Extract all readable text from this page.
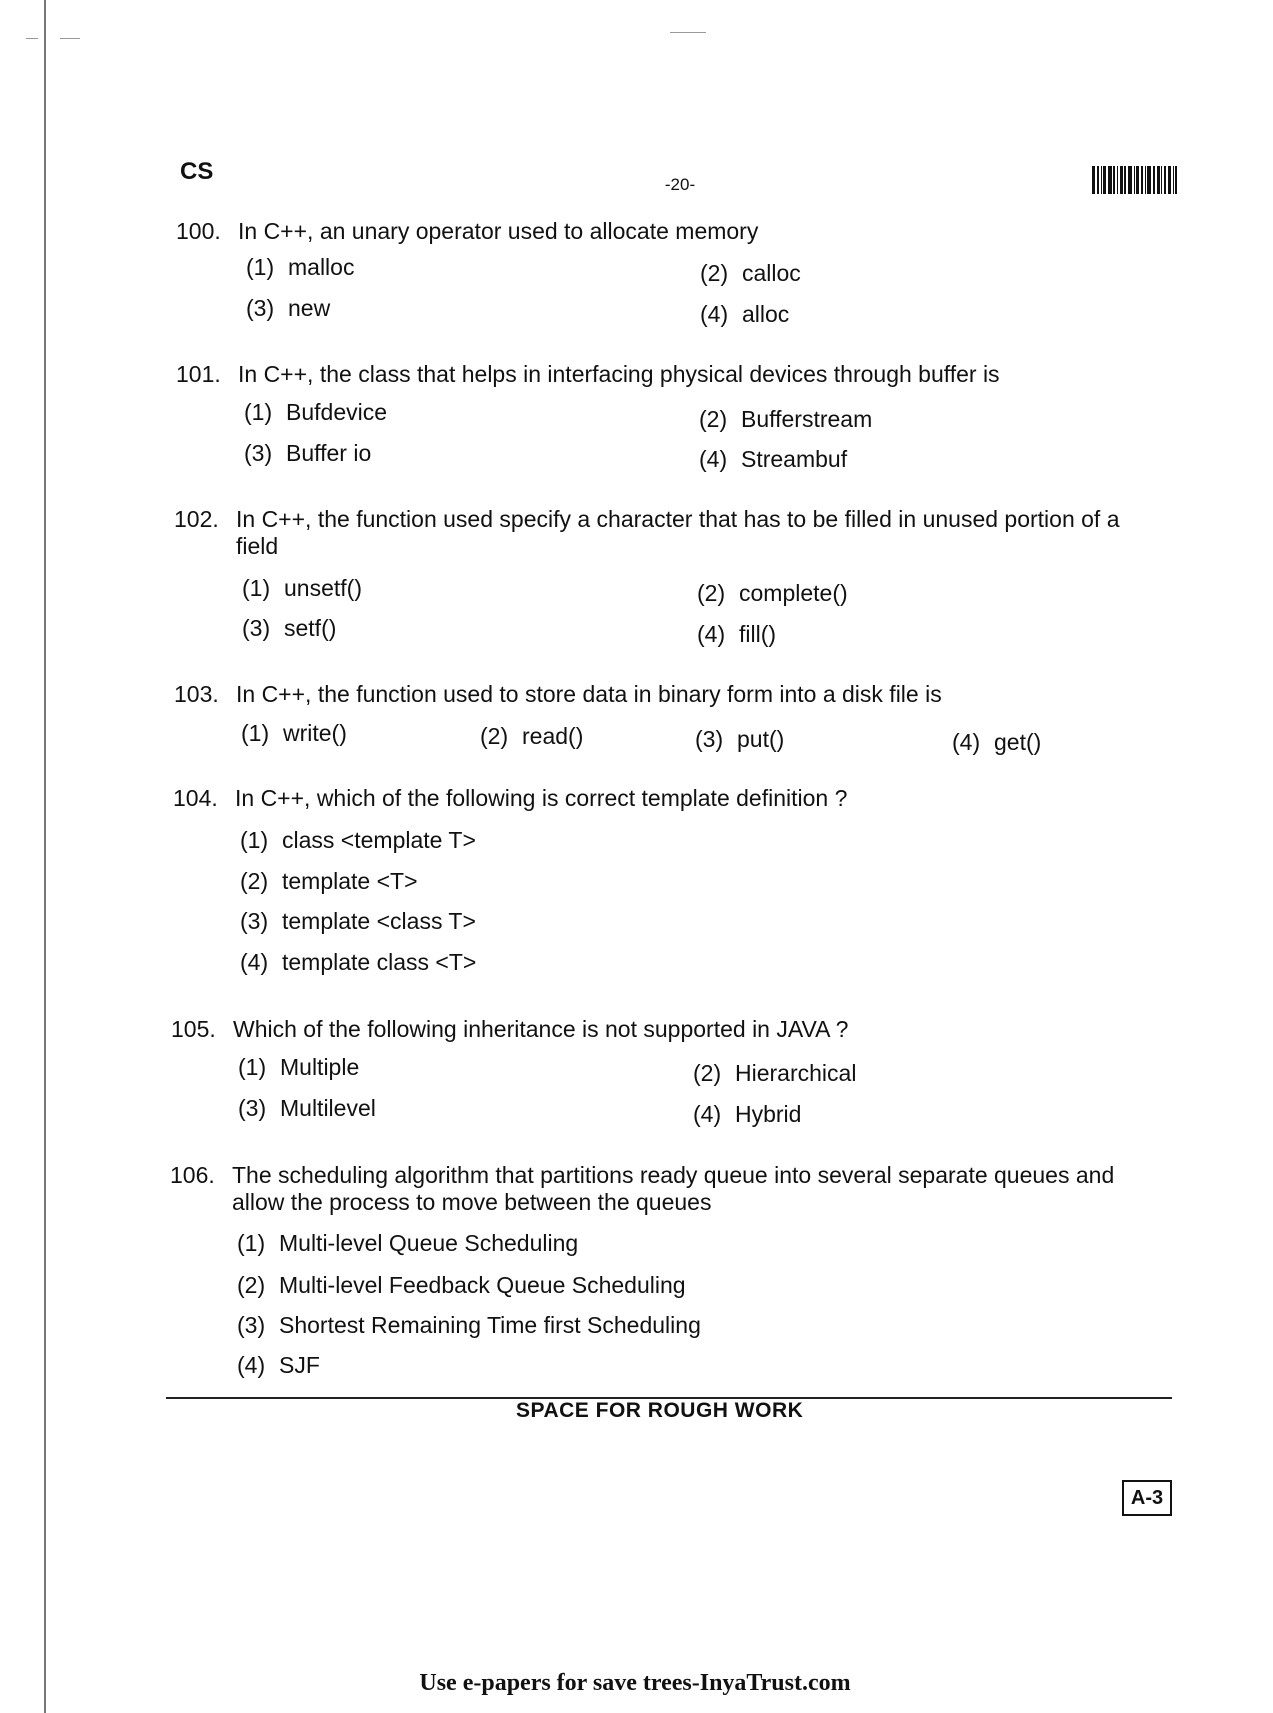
CS	-20-
100. In C++, an unary operator used to allocate memory
(1) malloc	(2) calloc
(3) new	(4) alloc
101. In C++, the class that helps in interfacing physical devices through buffer is
(1) Bufdevice	(2) Bufferstream
(3) Buffer io	(4) Streambuf
102. In C++, the function used specify a character that has to be filled in unused portion of a field
(1) unsetf()	(2) complete()
(3) setf()	(4) fill()
103. In C++, the function used to store data in binary form into a disk file is
(1) write()	(2) read()	(3) put()	(4) get()
104. In C++, which of the following is correct template definition ?
(1) class <template T>
(2) template <T>
(3) template <class T>
(4) template class <T>
105. Which of the following inheritance is not supported in JAVA ?
(1) Multiple	(2) Hierarchical
(3) Multilevel	(4) Hybrid
106. The scheduling algorithm that partitions ready queue into several separate queues and allow the process to move between the queues
(1) Multi-level Queue Scheduling
(2) Multi-level Feedback Queue Scheduling
(3) Shortest Remaining Time first Scheduling
(4) SJF
SPACE FOR ROUGH WORK
A-3
Use e-papers for save trees-InyaTrust.com
